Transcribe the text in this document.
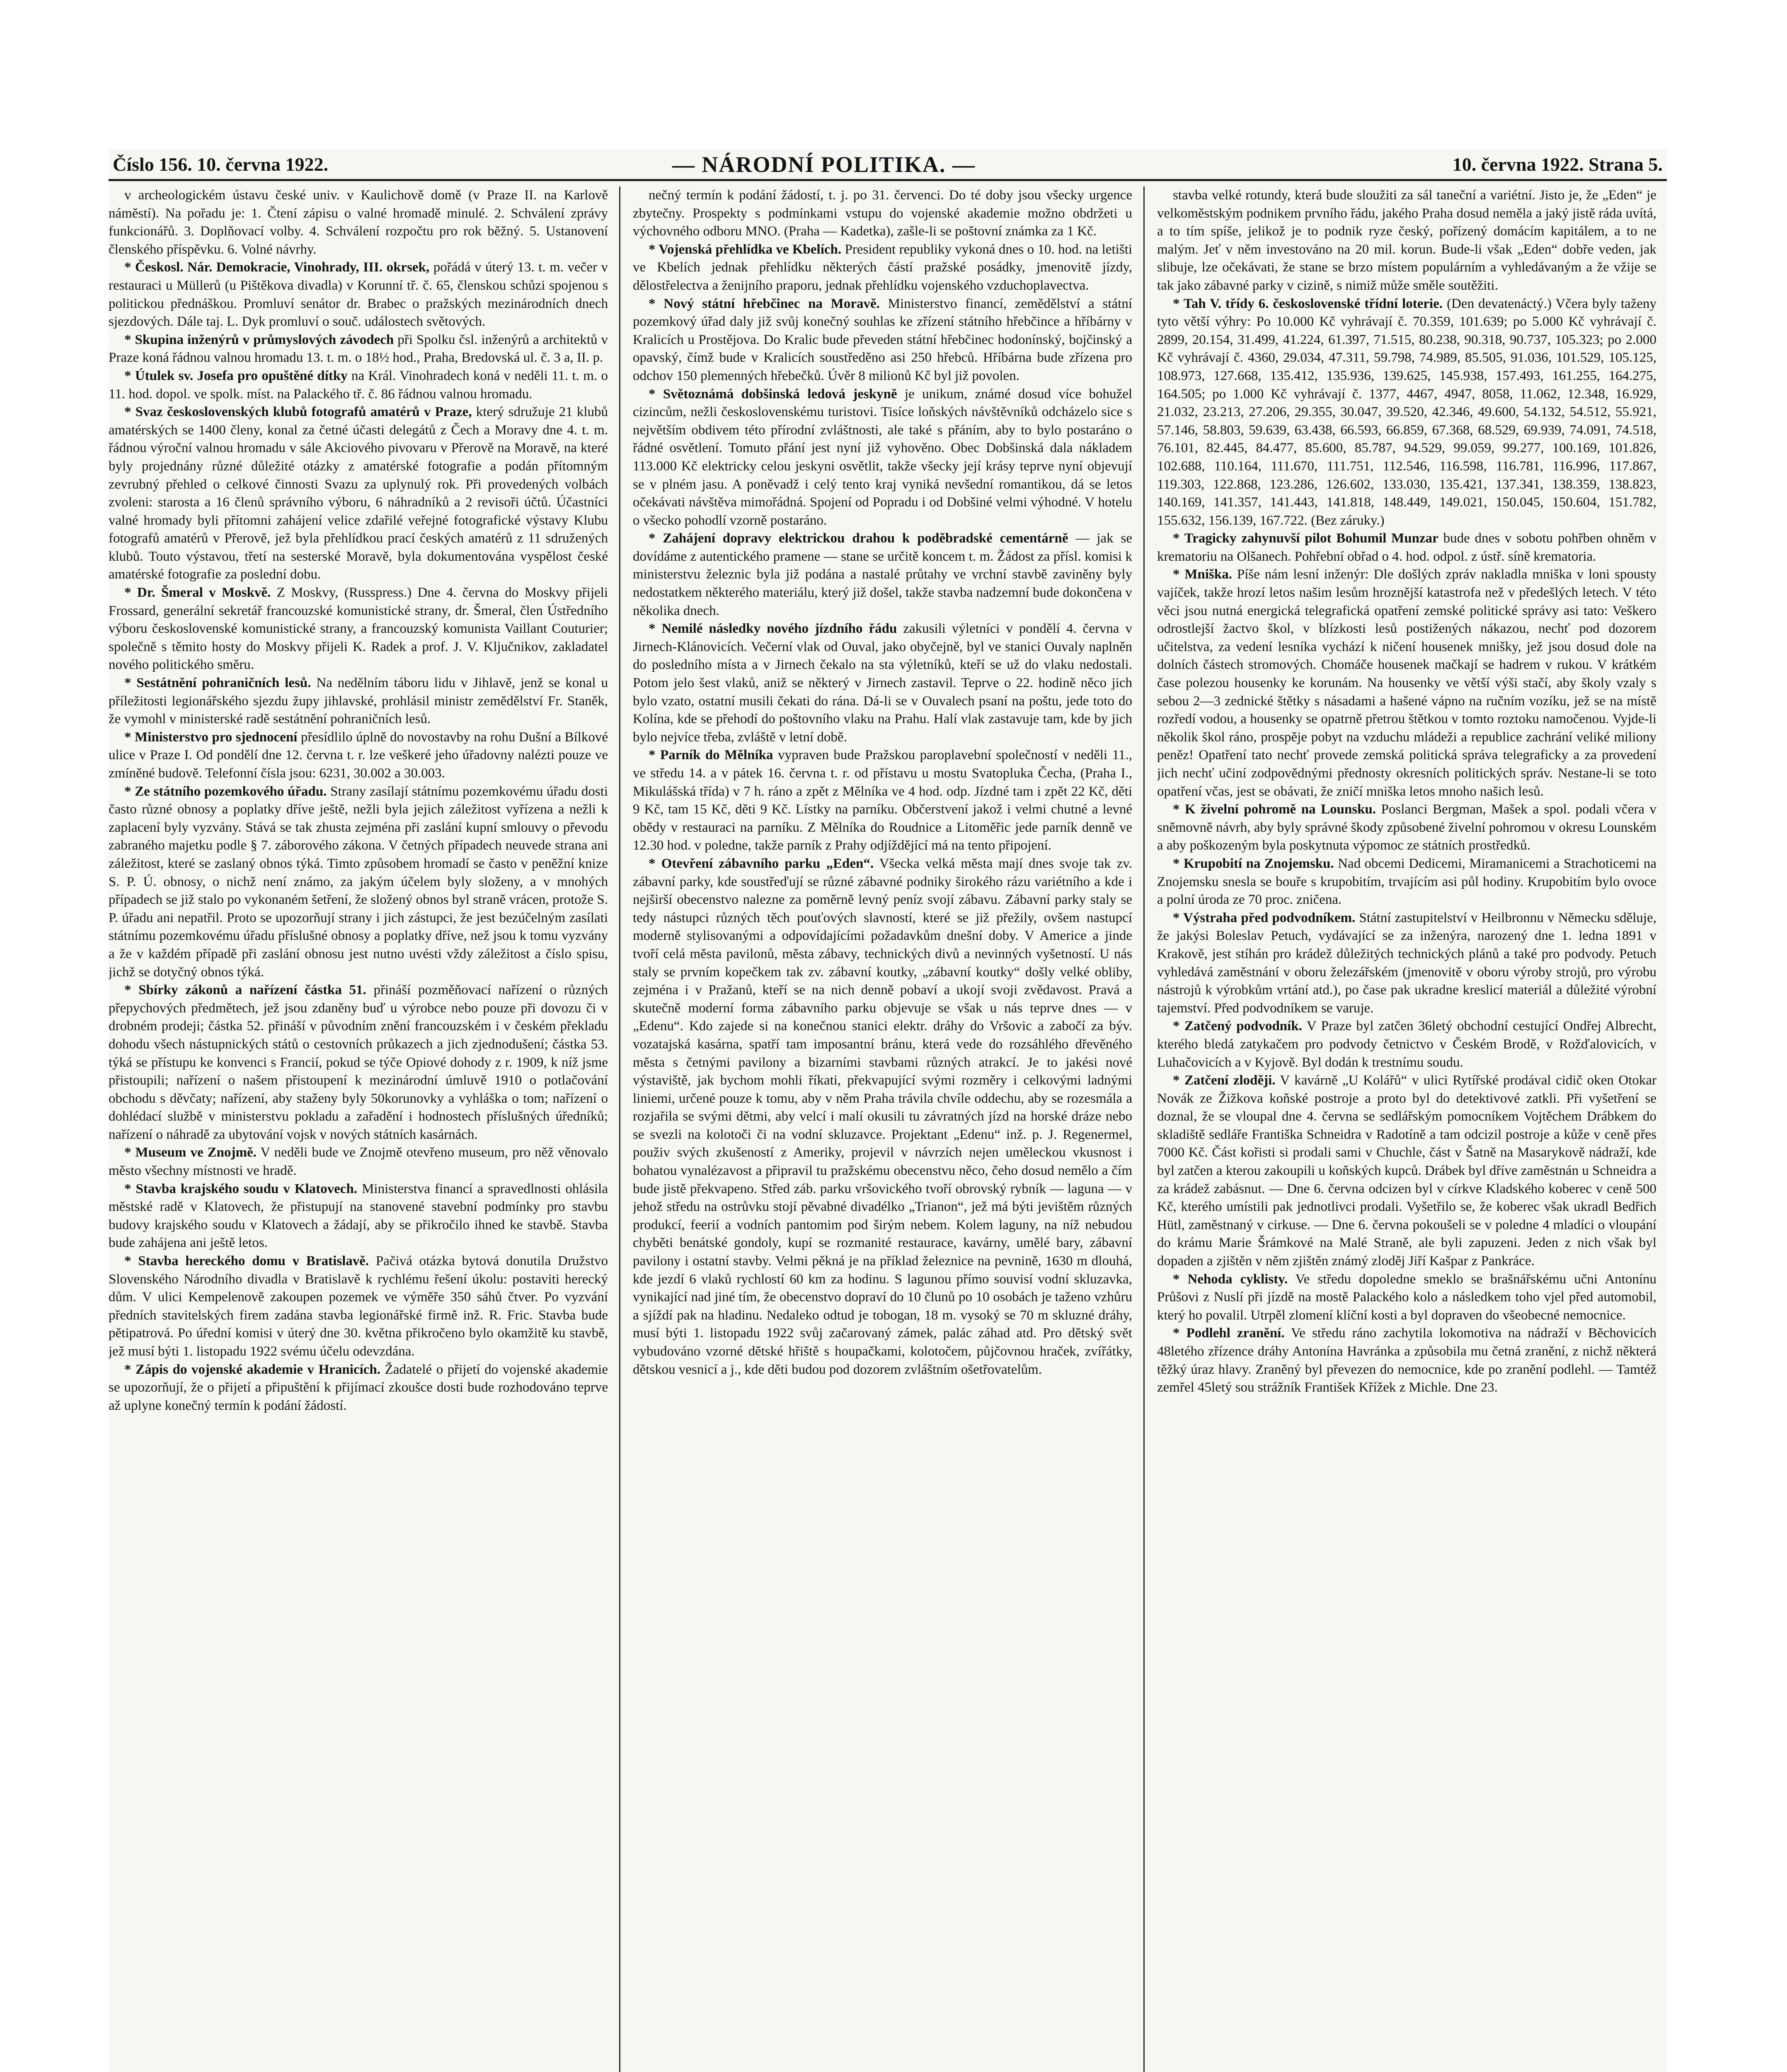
Číslo 156. 10. června 1922.	— NÁRODNÍ POLITIKA. —	10. června 1922. Strana 5.

v archeologickém ústavu české univ. v Kaulichově domě (v Praze II. na Karlově náměstí). Na pořadu je: 1. Čtení zápisu o valné hromadě minulé. 2. Schválení zprávy funkcionářů. 3. Doplňovací volby. 4. Schválení rozpočtu pro rok běžný. 5. Ustanovení členského příspěvku. 6. Volné návrhy.

* Českosl. Nár. Demokracie, Vinohrady, III. okrsek, pořádá v úterý 13. t. m. večer v restauraci u Müllerů (u Pištěkova divadla) v Korunní tř. č. 65, členskou schůzi spojenou s politickou přednáškou. Promluví senátor dr. Brabec o pražských mezinárodních dnech sjezdových. Dále taj. L. Dyk promluví o souč. událostech světových.

* Skupina inženýrů v průmyslových závodech při Spolku čsl. inženýrů a architektů v Praze koná řádnou valnou hromadu 13. t. m. o 18½ hod., Praha, Bredovská ul. č. 3 a, II. p.

* Útulek sv. Josefa pro opuštěné dítky na Král. Vinohradech koná v neděli 11. t. m. o 11. hod. dopol. ve spolk. míst. na Palackého tř. č. 86 řádnou valnou hromadu.

* Svaz československých klubů fotografů amatérů v Praze, který sdružuje 21 klubů amatérských se 1400 členy, konal za četné účasti delegátů z Čech a Moravy dne 4. t. m. řádnou výroční valnou hromadu v sále Akciového pivovaru v Přerově na Moravě, na které byly projednány různé důležité otázky z amatérské fotografie a podán přítomným zevrubný přehled o celkové činnosti Svazu za uplynulý rok. Při provedených volbách zvoleni: starosta a 16 členů správního výboru, 6 náhradníků a 2 revisoři účtů. Účastníci valné hromady byli přítomni zahájení velice zdařilé veřejné fotografické výstavy Klubu fotografů amatérů v Přerově, jež byla přehlídkou prací českých amatérů z 11 sdružených klubů. Touto výstavou, třetí na sesterské Moravě, byla dokumentována vyspělost české amatérské fotografie za poslední dobu.

* Dr. Šmeral v Moskvě. Z Moskvy, (Russpress.) Dne 4. června do Moskvy přijeli Frossard, generální sekretář francouzské komunistické strany, dr. Šmeral, člen Ústředního výboru československé komunistické strany, a francouzský komunista Vaillant Couturier; společně s těmito hosty do Moskvy přijeli K. Radek a prof. J. V. Ključnikov, zakladatel nového politického směru.

* Sestátnění pohraničních lesů. Na nedělním táboru lidu v Jihlavě, jenž se konal u příležitosti legionářského sjezdu župy jihlavské, prohlásil ministr zemědělství Fr. Staněk, že vymohl v ministerské radě sestátnění pohraničních lesů.

* Ministerstvo pro sjednocení přesídlilo úplně do novostavby na rohu Dušní a Bílkové ulice v Praze I. Od pondělí dne 12. června t. r. lze veškeré jeho úřadovny nalézti pouze ve zmíněné budově. Telefonní čísla jsou: 6231, 30.002 a 30.003.

* Ze státního pozemkového úřadu. Strany zasílají státnímu pozemkovému úřadu dosti často různé obnosy a poplatky dříve ještě, nežli byla jejich záležitost vyřízena a nežli k zaplacení byly vyzvány. Stává se tak zhusta zejména při zaslání kupní smlouvy o převodu zabraného majetku podle § 7. záborového zákona. V četných případech neuvede strana ani záležitost, které se zaslaný obnos týká. Timto způsobem hromadí se často v peněžní knize S. P. Ú. obnosy, o nichž není známo, za jakým účelem byly složeny, a v mnohých případech se již stalo po vykonaném šetření, že složený obnos byl straně vrácen, protože S. P. úřadu ani nepatřil. Proto se upozorňují strany i jich zástupci, že jest bezúčelným zasílati státnímu pozemkovému úřadu příslušné obnosy a poplatky dříve, než jsou k tomu vyzvány a že v každém případě při zaslání obnosu jest nutno uvésti vždy záležitost a číslo spisu, jichž se dotyčný obnos týká.

* Sbírky zákonů a nařízení částka 51. přináší pozměňovací nařízení o různých přepychových předmětech, jež jsou zdaněny buď u výrobce nebo pouze při dovozu či v drobném prodeji; částka 52. přináší v původním znění francouzském i v českém překladu dohodu všech nástupnických států o cestovních průkazech a jich zjednodušení; částka 53. týká se přístupu ke konvenci s Francií, pokud se týče Opiové dohody z r. 1909, k níž jsme přistoupili; nařízení o našem přistoupení k mezinárodní úmluvě 1910 o potlačování obchodu s děvčaty; nařízení, aby staženy byly 50korunovky a vyhláška o tom; nařízení o dohlédací službě v ministerstvu pokladu a zařadění i hodnostech příslušných úředníků; nařízení o náhradě za ubytování vojsk v nových státních kasárnách.

* Museum ve Znojmě. V neděli bude ve Znojmě otevřeno museum, pro něž věnovalo město všechny místnosti ve hradě.

* Stavba krajského soudu v Klatovech. Ministerstva financí a spravedlnosti ohlásila městské radě v Klatovech, že přistupují na stanovené stavební podmínky pro stavbu budovy krajského soudu v Klatovech a žádají, aby se přikročilo ihned ke stavbě. Stavba bude zahájena ani ještě letos.

* Stavba hereckého domu v Bratislavě. Pačivá otázka bytová donutila Družstvo Slovenského Národního divadla v Bratislavě k rychlému řešení úkolu: postaviti herecký dům. V ulici Kempelenově zakoupen pozemek ve výměře 350 sáhů čtver. Po vyzvání předních stavitelských firem zadána stavba legionářské firmě inž. R. Fric. Stavba bude pětipatrová. Po úřední komisi v úterý dne 30. května přikročeno bylo okamžitě ku stavbě, jež musí býti 1. listopadu 1922 svému účelu odevzdána.

* Zápis do vojenské akademie v Hranicích. Žadatelé o přijetí do vojenské akademie se upozorňují, že o přijetí a připuštění k přijímací zkoušce dosti bude rozhodováno teprve až uplyne konečný termín k podání žádostí.

nečný termín k podání žádostí, t. j. po 31. červenci. Do té doby jsou všecky urgence zbytečny. Prospekty s podmínkami vstupu do vojenské akademie možno obdržeti u výchovného odboru MNO. (Praha — Kadetka), zašle-li se poštovní známka za 1 Kč.

* Vojenská přehlídka ve Kbelích. President republiky vykoná dnes o 10. hod. na letišti ve Kbelích jednak přehlídku některých částí pražské posádky, jmenovitě jízdy, dělostřelectva a ženijního praporu, jednak přehlídku vojenského vzduchoplavectva.

* Nový státní hřebčinec na Moravě. Ministerstvo financí, zemědělství a státní pozemkový úřad daly již svůj konečný souhlas ke zřízení státního hřebčince a hříbárny v Kralicích u Prostějova. Do Kralic bude převeden státní hřebčinec hodonínský, bojčinský a opavský, čímž bude v Kralicích soustředěno asi 250 hřebců. Hříbárna bude zřízena pro odchov 150 plemenných hřebečků. Úvěr 8 milionů Kč byl již povolen.

* Světoznámá dobšinská ledová jeskyně je unikum, známé dosud více bohužel cizincům, nežli československému turistovi. Tisíce loňských návštěvníků odcházelo sice s největším obdivem této přírodní zvláštnosti, ale také s přáním, aby to bylo postaráno o řádné osvětlení. Tomuto přání jest nyní již vyhověno. Obec Dobšinská dala nákladem 113.000 Kč elektricky celou jeskyni osvětlit, takže všecky její krásy teprve nyní objevují se v plném jasu. A poněvadž i celý tento kraj vyniká nevšední romantikou, dá se letos očekávati návštěva mimořádná. Spojení od Popradu i od Dobšiné velmi výhodné. V hotelu o všecko pohodlí vzorně postaráno.

* Zahájení dopravy elektrickou drahou k poděbradské cementárně — jak se dovídáme z autentického pramene — stane se určitě koncem t. m. Žádost za přísl. komisi k ministerstvu železnic byla již podána a nastalé průtahy ve vrchní stavbě zaviněny byly nedostatkem některého materiálu, který již došel, takže stavba nadzemní bude dokončena v několika dnech.

* Nemilé následky nového jízdního řádu zakusili výletníci v pondělí 4. června v Jirnech-Klánovicích. Večerní vlak od Ouval, jako obyčejně, byl ve stanici Ouvaly naplněn do posledního místa a v Jirnech čekalo na sta výletníků, kteří se už do vlaku nedostali. Potom jelo šest vlaků, aniž se některý v Jirnech zastavil. Teprve o 22. hodině něco jich bylo vzato, ostatní musili čekati do rána. Dá-li se v Ouvalech psaní na poštu, jede toto do Kolína, kde se přehodí do poštovního vlaku na Prahu. Halí vlak zastavuje tam, kde by jich bylo nejvíce třeba, zvláště v letní době.

* Parník do Mělníka vypraven bude Pražskou paroplavební společností v neděli 11., ve středu 14. a v pátek 16. června t. r. od přístavu u mostu Svatopluka Čecha, (Praha I., Mikulášská třída) v 7 h. ráno a zpět z Mělníka ve 4 hod. odp. Jízdné tam i zpět 22 Kč, děti 9 Kč, tam 15 Kč, děti 9 Kč. Lístky na parníku. Občerstvení jakož i velmi chutné a levné obědy v restauraci na parníku. Z Mělníka do Roudnice a Litoměřic jede parník denně ve 12.30 hod. v poledne, takže parník z Prahy odjíždějící má na tento připojení.

* Otevření zábavního parku „Eden“. Všecka velká města mají dnes svoje tak zv. zábavní parky, kde soustřeďují se různé zábavné podniky širokého rázu variétního a kde i nejširší obecenstvo nalezne za poměrně levný peníz svojí zábavu. Zábavní parky staly se tedy nástupci různých těch pouťových slavností, které se již přežily, ovšem nastupcí moderně stylisovanými a odpovídajícími požadavkům dnešní doby. V Americe a jinde tvoří celá města pavilonů, města zábavy, technických divů a nevinných vyšetností. U nás staly se prvním kopečkem tak zv. zábavní koutky, „zábavní koutky“ došly velké obliby, zejména i v Pražanů, kteří se na nich denně pobaví a ukojí svoji zvědavost. Pravá a skutečně moderní forma zábavního parku objevuje se však u nás teprve dnes — v „Edenu“. Kdo zajede si na konečnou stanici elektr. dráhy do Vršovic a zabočí za býv. vozatajská kasárna, spatří tam imposantní bránu, která vede do rozsáhlého dřevěného města s četnými pavilony a bizarními stavbami různých atrakcí. Je to jakési nové výstaviště, jak bychom mohli říkati, překvapující svými rozměry i celkovými ladnými liniemi, určené pouze k tomu, aby v něm Praha trávila chvíle oddechu, aby se rozesmála a rozjařila se svými dětmi, aby velcí i malí okusili tu závratných jízd na horské dráze nebo se svezli na kolotoči či na vodní skluzavce. Projektant „Edenu“ inž. p. J. Regenermel, použiv svých zkušeností z Ameriky, projevil v návrzích nejen uměleckou vkusnost i bohatou vynalézavost a připravil tu pražskému obecenstvu něco, čeho dosud nemělo a čím bude jistě překvapeno. Střed záb. parku vršovického tvoří obrovský rybník — laguna — v jehož středu na ostrůvku stojí pěvabné divadélko „Trianon“, jež má býti jevištěm různých produkcí, feerií a vodních pantomim pod širým nebem. Kolem laguny, na níž nebudou chyběti benátské gondoly, kupí se rozmanité restaurace, kavárny, umělé bary, zábavní pavilony i ostatní stavby. Velmi pěkná je na příklad železnice na pevnině, 1630 m dlouhá, kde jezdí 6 vlaků rychlostí 60 km za hodinu. S lagunou přímo souvisí vodní skluzavka, vynikající nad jiné tím, že obecenstvo dopraví do 10 člunů po 10 osobách je taženo vzhůru a sjíždí pak na hladinu. Nedaleko odtud je tobogan, 18 m. vysoký se 70 m skluzné dráhy, musí býti 1. listopadu 1922 svůj začarovaný zámek, palác záhad atd. Pro dětský svět vybudováno vzorné dětské hřiště s houpačkami, kolotočem, půjčovnou hraček, zvířátky, dětskou vesnicí a j., kde děti budou pod dozorem zvláštním ošetřovatelům.

stavba velké rotundy, která bude sloužiti za sál taneční a variétní. Jisto je, že „Eden“ je velkoměstským podnikem prvního řádu, jakého Praha dosud neměla a jaký jistě ráda uvítá, a to tím spíše, jelikož je to podnik ryze český, pořízený domácím kapitálem, a to ne malým. Jeť v něm investováno na 20 mil. korun. Bude-li však „Eden“ dobře veden, jak slibuje, lze očekávati, že stane se brzo místem populárním a vyhledávaným a že vžije se tak jako zábavné parky v cizině, s nimiž může směle soutěžiti.

* Tah V. třídy 6. československé třídní loterie. (Den devatenáctý.) Včera byly taženy tyto větší výhry: Po 10.000 Kč vyhrávají č. 70.359, 101.639; po 5.000 Kč vyhrávají č. 2899, 20.154, 31.499, 41.224, 61.397, 71.515, 80.238, 90.318, 90.737, 105.323; po 2.000 Kč vyhrávají č. 4360, 29.034, 47.311, 59.798, 74.989, 85.505, 91.036, 101.529, 105.125, 108.973, 127.668, 135.412, 135.936, 139.625, 145.938, 157.493, 161.255, 164.275, 164.505; po 1.000 Kč vyhrávají č. 1377, 4467, 4947, 8058, 11.062, 12.348, 16.929, 21.032, 23.213, 27.206, 29.355, 30.047, 39.520, 42.346, 49.600, 54.132, 54.512, 55.921, 57.146, 58.803, 59.639, 63.438, 66.593, 66.859, 67.368, 68.529, 69.939, 74.091, 74.518, 76.101, 82.445, 84.477, 85.600, 85.787, 94.529, 99.059, 99.277, 100.169, 101.826, 102.688, 110.164, 111.670, 111.751, 112.546, 116.598, 116.781, 116.996, 117.867, 119.303, 122.868, 123.286, 126.602, 133.030, 135.421, 137.341, 138.359, 138.823, 140.169, 141.357, 141.443, 141.818, 148.449, 149.021, 150.045, 150.604, 151.782, 155.632, 156.139, 167.722. (Bez záruky.)

* Tragicky zahynuvší pilot Bohumil Munzar bude dnes v sobotu pohřben ohněm v krematoriu na Olšanech. Pohřební obřad o 4. hod. odpol. z ústř. síně krematoria.

* Mniška. Píše nám lesní inženýr: Dle došlých zpráv nakladla mniška v loni spousty vajíček, takže hrozí letos našim lesům hroznější katastrofa než v předešlých letech. V této věci jsou nutná energická telegrafická opatření zemské politické správy asi tato: Veškero odrostlejší žactvo škol, v blízkosti lesů postižených nákazou, nechť pod dozorem učitelstva, za vedení lesníka vychází k ničení housenek mnišky, jež jsou dosud dole na dolních částech stromových. Chomáče housenek mačkají se hadrem v rukou. V krátkém čase polezou housenky ke korunám. Na housenky ve větší výši stačí, aby školy vzaly s sebou 2—3 zednické štětky s násadami a hašené vápno na ručním vozíku, jež se na místě rozředí vodou, a housenky se opatrně přetrou štětkou v tomto roztoku namočenou. Vyjde-li několik škol ráno, prospěje pobyt na vzduchu mládeži a republice zachrání veliké miliony peněz! Opatření tato nechť provede zemská politická správa telegraficky a za provedení jich nechť učiní zodpovědnými přednosty okresních politických správ. Nestane-li se toto opatření včas, jest se obávati, že zničí mniška letos mnoho našich lesů.

* K živelní pohromě na Lounsku. Poslanci Bergman, Mašek a spol. podali včera v sněmovně návrh, aby byly správné škody způsobené živelní pohromou v okresu Lounském a aby poškozeným byla poskytnuta výpomoc ze státních prostředků.

* Krupobití na Znojemsku. Nad obcemi Dedicemi, Miramanicemi a Strachoticemi na Znojemsku snesla se bouře s krupobitím, trvajícím asi půl hodiny. Krupobitím bylo ovoce a polní úroda ze 70 proc. zničena.

* Výstraha před podvodníkem. Státní zastupitelství v Heilbronnu v Německu sděluje, že jakýsi Boleslav Petuch, vydávající se za inženýra, narozený dne 1. ledna 1891 v Krakově, jest stíhán pro krádež důležitých technických plánů a také pro podvody. Petuch vyhledává zaměstnání v oboru železářském (jmenovitě v oboru výroby strojů, pro výrobu nástrojů k výrobkům vrtání atd.), po čase pak ukradne kreslicí materiál a důležité výrobní tajemství. Před podvodníkem se varuje.

* Zatčený podvodník. V Praze byl zatčen 36letý obchodní cestující Ondřej Albrecht, kterého bledá zatykačem pro podvody četnictvo v Českém Brodě, v Rožďalovicích, v Luhačovicích a v Kyjově. Byl dodán k trestnímu soudu.

* Zatčení zloději. V kavárně „U Kolářů“ v ulici Rytířské prodával cidič oken Otokar Novák ze Žižkova koňské postroje a proto byl do detektivové zatkli. Při vyšetření se doznal, že se vloupal dne 4. června se sedlářským pomocníkem Vojtěchem Drábkem do skladiště sedláře Františka Schneidra v Radotíně a tam odcizil postroje a kůže v ceně přes 7000 Kč. Část kořisti si prodali sami v Chuchle, část v Šatně na Masarykově nádraží, kde byl zatčen a kterou zakoupili u koňských kupců. Drábek byl dříve zaměstnán u Schneidra a za krádež zabásnut. — Dne 6. června odcizen byl v církve Kladského koberec v ceně 500 Kč, kterého umístili pak jednotlivci prodali. Vyšetřilo se, že koberec však ukradl Bedřich Hütl, zaměstnaný v cirkuse. — Dne 6. června pokoušeli se v poledne 4 mladíci o vloupání do krámu Marie Šrámkové na Malé Straně, ale byli zapuzeni. Jeden z nich však byl dopaden a zjištěn v něm zjištěn známý zloděj Jiří Kašpar z Pankráce.

* Nehoda cyklisty. Ve středu dopoledne smeklo se brašnářskému učni Antonínu Průšovi z Nuslí při jízdě na mostě Palackého kolo a následkem toho vjel před automobil, který ho povalil. Utrpěl zlomení klíční kosti a byl dopraven do všeobecné nemocnice.

* Podlehl zranění. Ve středu ráno zachytila lokomotiva na nádraží v Běchovicích 48letého zřízence dráhy Antonína Havránka a způsobila mu četná zranění, z nichž některá těžký úraz hlavy. Zraněný byl převezen do nemocnice, kde po zranění podlehl. — Tamtéž zemřel 45letý sou strážník František Křížek z Michle. Dne 23.
